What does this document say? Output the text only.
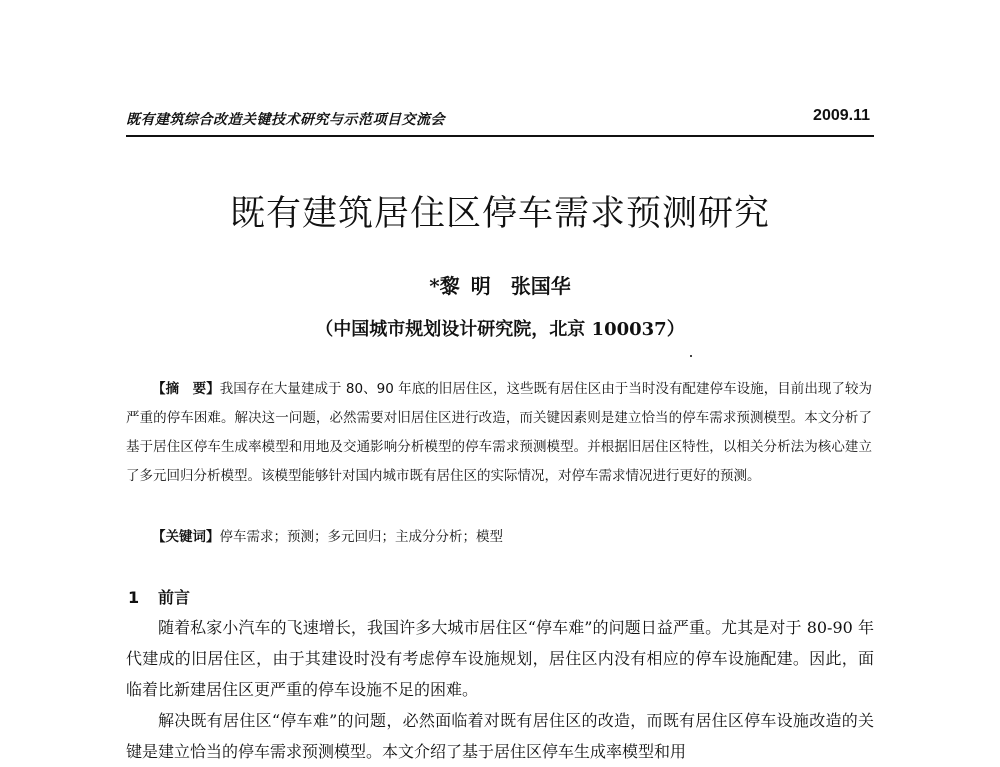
既有建筑综合改造关键技术研究与示范项目交流会	2009.11
既有建筑居住区停车需求预测研究
*黎 明　张国华
（中国城市规划设计研究院，北京 100037）
【摘　要】我国存在大量建成于 80、90 年底的旧居住区，这些既有居住区由于当时没有配建停车设施，目前出现了较为严重的停车困难。解决这一问题，必然需要对旧居住区进行改造，而关键因素则是建立恰当的停车需求预测模型。本文分析了基于居住区停车生成率模型和用地及交通影响分析模型的停车需求预测模型。并根据旧居住区特性，以相关分析法为核心建立了多元回归分析模型。该模型能够针对国内城市既有居住区的实际情况，对停车需求情况进行更好的预测。
【关键词】停车需求；预测；多元回归；主成分分析；模型
1 前言

随着私家小汽车的飞速增长，我国许多大城市居住区“停车难”的问题日益严重。尤其是对于 80-90 年代建成的旧居住区，由于其建设时没有考虑停车设施规划，居住区内没有相应的停车设施配建。因此，面临着比新建居住区更严重的停车设施不足的困难。

解决既有居住区“停车难”的问题，必然面临着对既有居住区的改造，而既有居住区停车设施改造的关键是建立恰当的停车需求预测模型。本文介绍了基于居住区停车生成率模型和用
